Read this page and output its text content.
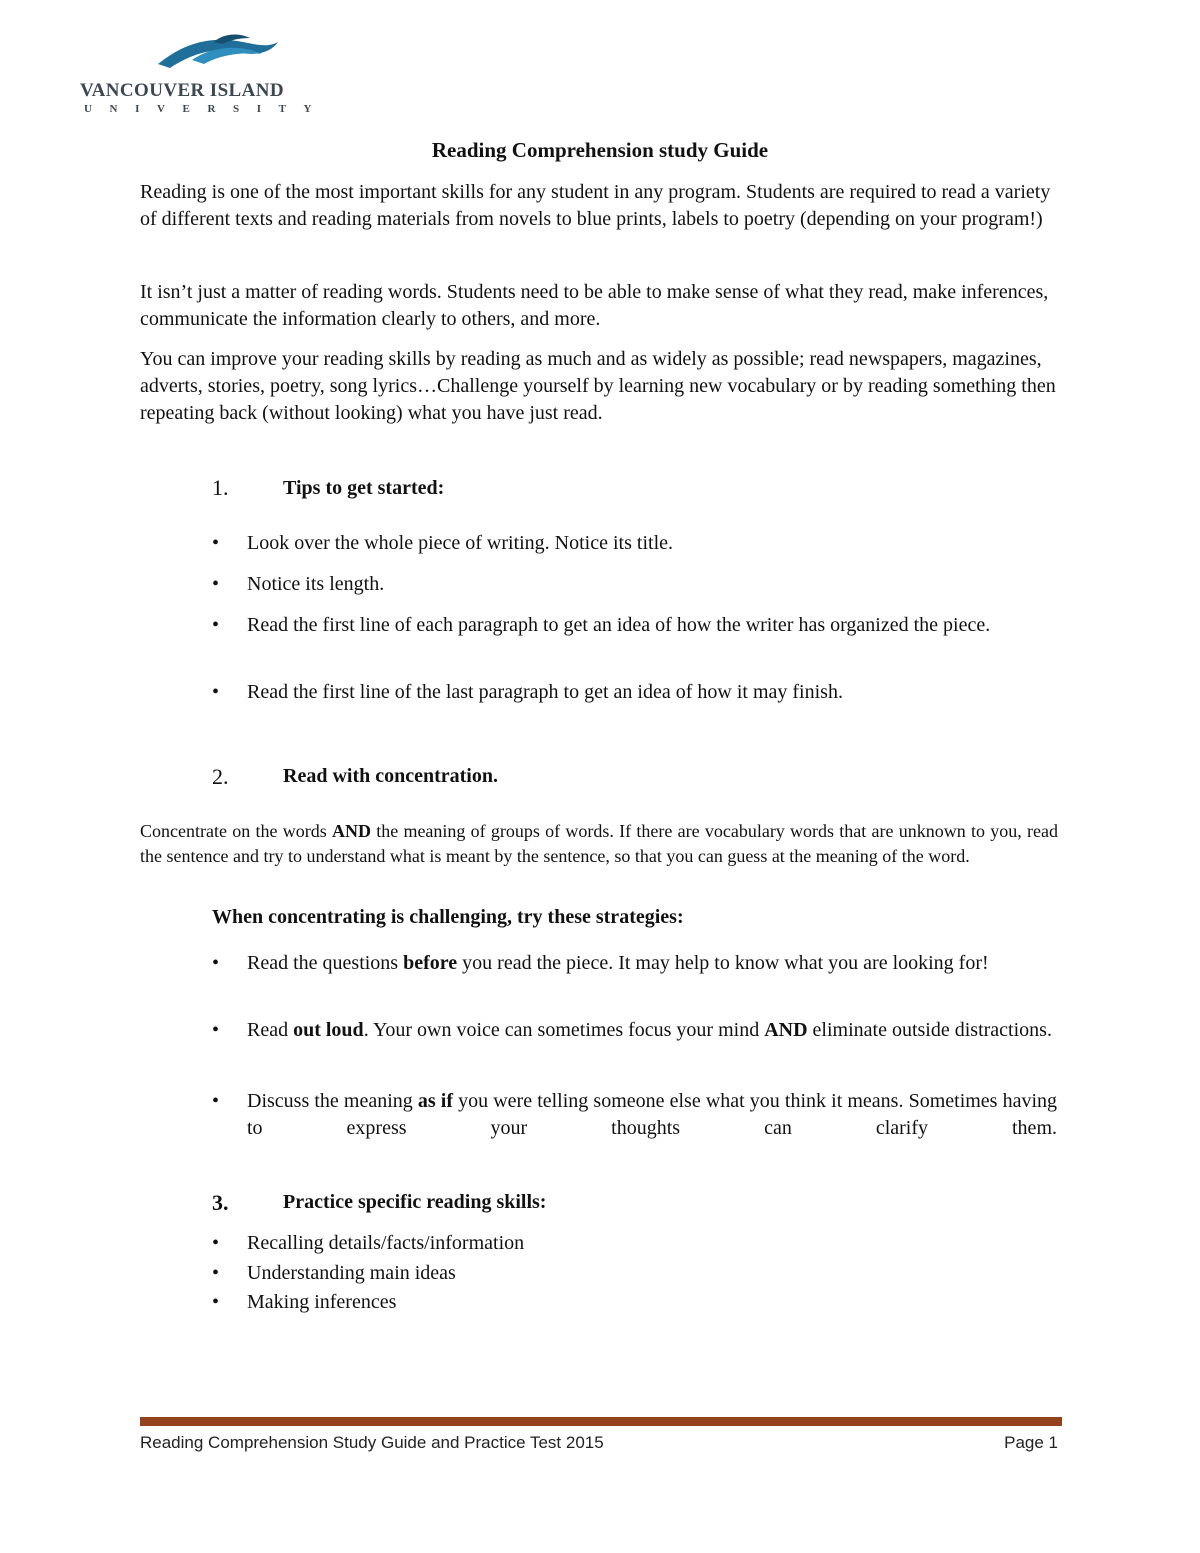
VANCOUVER ISLAND
UNIVERSITY
Reading Comprehension study Guide
Reading is one of the most important skills for any student in any program. Students are required to read a variety of different texts and reading materials from novels to blue prints, labels to poetry (depending on your program!)
It isn’t just a matter of reading words. Students need to be able to make sense of what they read, make inferences, communicate the information clearly to others, and more.
You can improve your reading skills by reading as much and as widely as possible; read newspapers, magazines, adverts, stories, poetry, song lyrics…Challenge yourself by learning new vocabulary or by reading something then repeating back (without looking) what you have just read.
1.	Tips to get started:
•	Look over the whole piece of writing. Notice its title.
•	Notice its length.
•	Read the first line of each paragraph to get an idea of how the writer has organized the piece.
•	Read the first line of the last paragraph to get an idea of how it may finish.
2.	Read with concentration.
Concentrate on the words AND the meaning of groups of words. If there are vocabulary words that are unknown to you, read the sentence and try to understand what is meant by the sentence, so that you can guess at the meaning of the word.
When concentrating is challenging, try these strategies:
•	Read the questions before you read the piece. It may help to know what you are looking for!
•	Read out loud. Your own voice can sometimes focus your mind AND eliminate outside distractions.
•	Discuss the meaning as if you were telling someone else what you think it means. Sometimes having to express your thoughts can clarify them.
3.	Practice specific reading skills:
•	Recalling details/facts/information
•	Understanding main ideas
•	Making inferences
Reading Comprehension Study Guide and Practice Test 2015	Page 1
